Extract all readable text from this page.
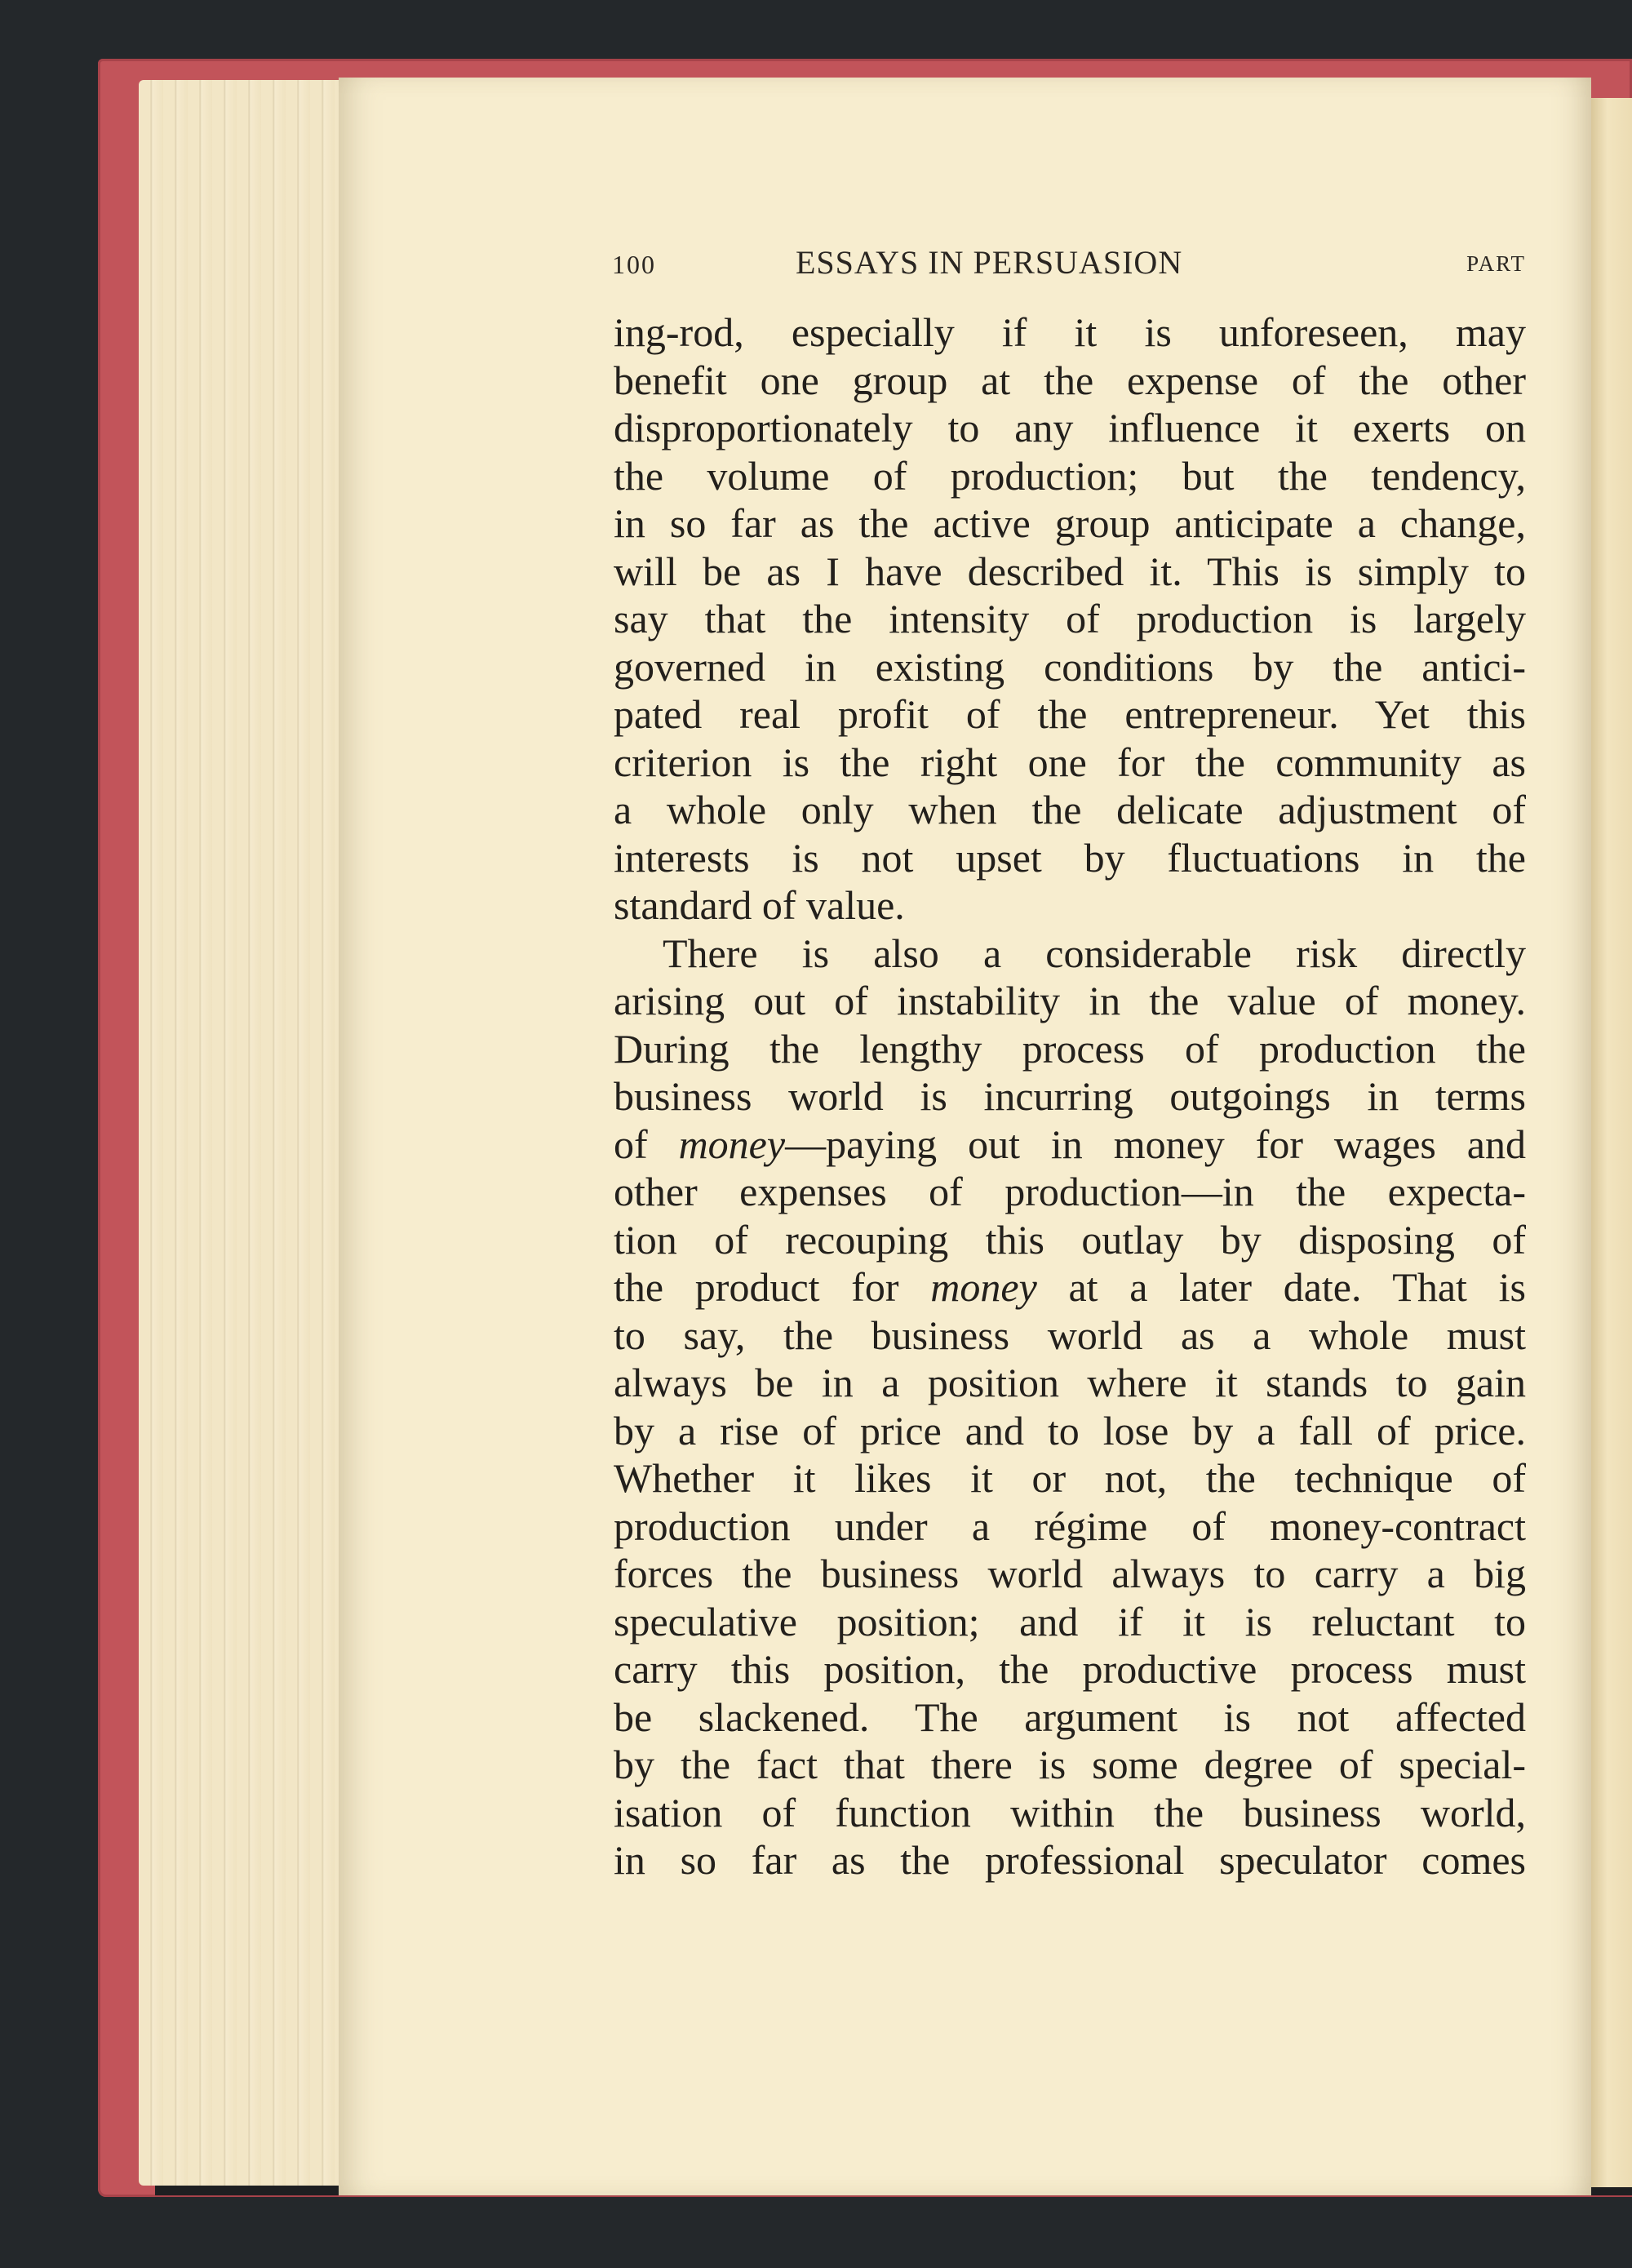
100	ESSAYS IN PERSUASION	PART
ing-rod, especially if it is unforeseen, may
benefit one group at the expense of the other
disproportionately to any influence it exerts on
the volume of production; but the tendency,
in so far as the active group anticipate a change,
will be as I have described it. This is simply to
say that the intensity of production is largely
governed in existing conditions by the antici-
pated real profit of the entrepreneur. Yet this
criterion is the right one for the community as
a whole only when the delicate adjustment of
interests is not upset by fluctuations in the
standard of value.
There is also a considerable risk directly
arising out of instability in the value of money.
During the lengthy process of production the
business world is incurring outgoings in terms
of money—paying out in money for wages and
other expenses of production—in the expecta-
tion of recouping this outlay by disposing of
the product for money at a later date. That is
to say, the business world as a whole must
always be in a position where it stands to gain
by a rise of price and to lose by a fall of price.
Whether it likes it or not, the technique of
production under a régime of money-contract
forces the business world always to carry a big
speculative position; and if it is reluctant to
carry this position, the productive process must
be slackened. The argument is not affected
by the fact that there is some degree of special-
isation of function within the business world,
in so far as the professional speculator comes
